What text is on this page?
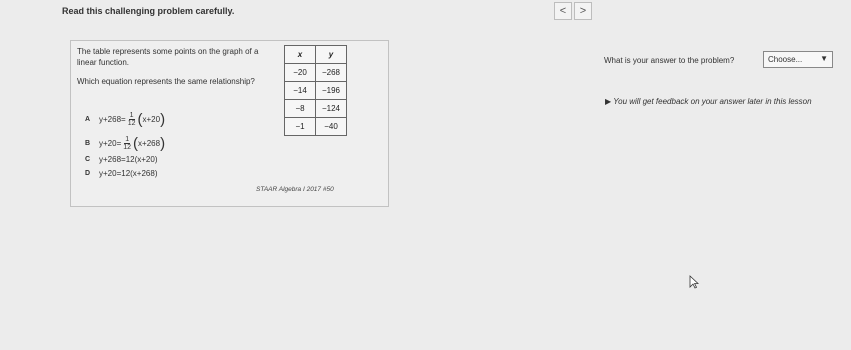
Read this challenging problem carefully.	<	>
The table represents some points on the graph of a linear function.
Which equation represents the same relationship?
A	$y+268= \frac{1}{12}$ ( x+20 )
B	$y+20= \frac{1}{12}$ ( x+268 )
C	y+268=12(x+20)
D	y+20=12(x+268)
x	y
−20	−268
−14	−196
−8	−124
−1	−40
STAAR Algebra I 2017 #50
What is your answer to the problem?	Choose... ▼
▶ You will get feedback on your answer later in this lesson
